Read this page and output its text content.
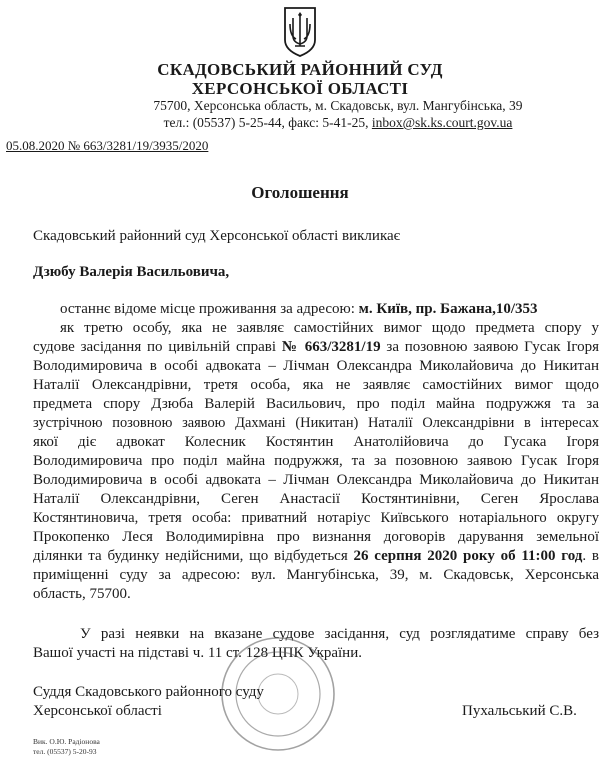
СКАДОВСЬКИЙ РАЙОННИЙ СУД
ХЕРСОНСЬКОЇ ОБЛАСТІ
75700, Херсонська область, м. Скадовськ, вул. Мангубінська, 39
тел.: (05537) 5-25-44, факс: 5-41-25, inbox@sk.ks.court.gov.ua
05.08.2020 № 663/3281/19/3935/2020
Оголошення
Скадовський районний суд Херсонської області викликає
Дзюбу Валерія Васильовича,
останнє відоме місце проживання за адресою: м. Київ, пр. Бажана,10/353
як третю особу, яка не заявляє самостійних вимог щодо предмета спору у
судове засідання по цивільній справі № 663/3281/19 за позовною заявою Гусак Ігоря
Володимировича в особі адвоката – Лічман Олександра Миколайовича до Никитан
Наталії Олександрівни, третя особа, яка не заявляє самостійних вимог щодо
предмета спору Дзюба Валерій Васильович, про поділ майна подружжя та за
зустрічною позовною заявою Дахмані (Никитан) Наталії Олександрівни в інтересах
якої діє адвокат Колесник Костянтин Анатолійовича до Гусака Ігоря
Володимировича про поділ майна подружжя, та за позовною заявою Гусак Ігоря
Володимировича в особі адвоката – Лічман Олександра Миколайовича до Никитан
Наталії Олександрівни, Сеген Анастасії Костянтинівни, Сеген Ярослава
Костянтиновича, третя особа: приватний нотаріус Київського нотаріального округу
Прокопенко Леся Володимирівна про визнання договорів дарування земельної
ділянки та будинку недійсними, що відбудеться 26 серпня 2020 року об 11:00 год. в
приміщенні суду за адресою: вул. Мангубінська, 39, м. Скадовськ, Херсонська
область, 75700.
У разі неявки на вказане судове засідання, суд розглядатиме справу без
Вашої участі на підставі ч. 11 ст. 128 ЦПК України.
Суддя Скадовського районного суду
Херсонської області	Пухальський С.В.
Вик. О.Ю. Радіонова
тел. (05537) 5-20-93
